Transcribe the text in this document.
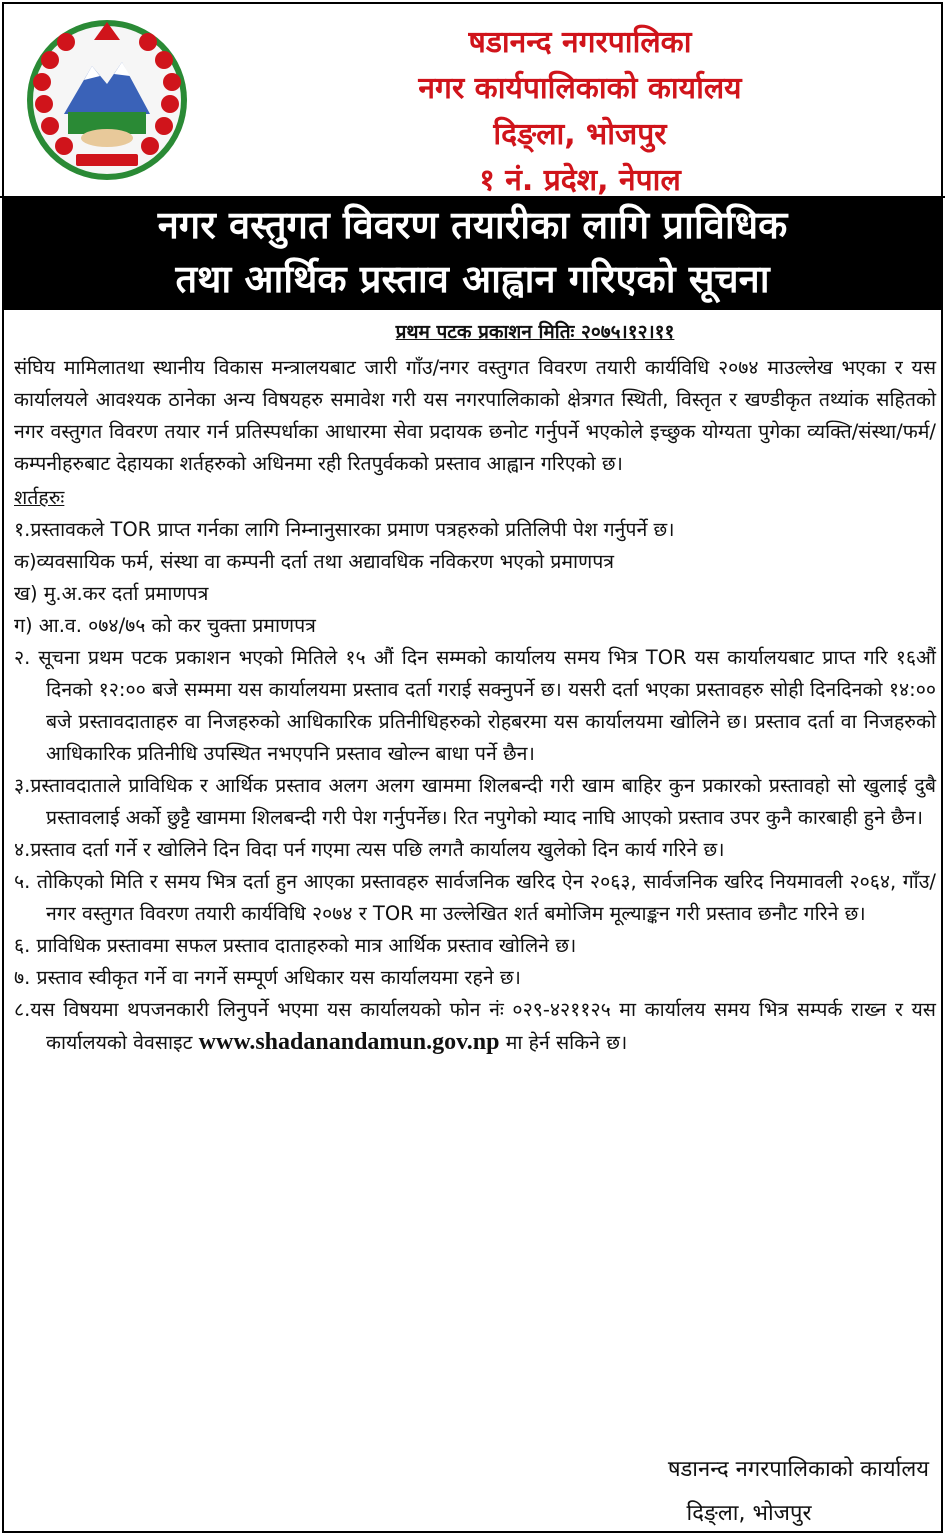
षडानन्द नगरपालिका
नगर कार्यपालिकाको कार्यालय
दिङ्ला, भोजपुर
१ नं. प्रदेश, नेपाल
नगर वस्तुगत विवरण तयारीका लागि प्राविधिक
तथा आर्थिक प्रस्ताव आह्वान गरिएको सूचना
प्रथम पटक प्रकाशन मितिः २०७५।१२।११

संघिय मामिलातथा स्थानीय विकास मन्त्रालयबाट जारी गाँउ/नगर वस्तुगत विवरण तयारी कार्यविधि २०७४ माउल्लेख भएका र यस कार्यालयले आवश्यक ठानेका अन्य विषयहरु समावेश गरी यस नगरपालिकाको क्षेत्रगत स्थिती, विस्तृत र खण्डीकृत तथ्यांक सहितको नगर वस्तुगत विवरण तयार गर्न प्रतिस्पर्धाका आधारमा सेवा प्रदायक छनोट गर्नुपर्ने भएकोले इच्छुक योग्यता पुगेका व्यक्ति/संस्था/फर्म/कम्पनीहरुबाट देहायका शर्तहरुको अधिनमा रही रितपुर्वकको प्रस्ताव आह्वान गरिएको छ।

शर्तहरुः

१.प्रस्तावकले TOR प्राप्त गर्नका लागि निम्नानुसारका प्रमाण पत्रहरुको प्रतिलिपी पेश गर्नुपर्ने छ।

क)व्यवसायिक फर्म, संस्था वा कम्पनी दर्ता तथा अद्यावधिक नविकरण भएको प्रमाणपत्र

ख) मु.अ.कर दर्ता प्रमाणपत्र

ग) आ.व. ०७४/७५ को कर चुक्ता प्रमाणपत्र

२. सूचना प्रथम पटक प्रकाशन भएको मितिले १५ औं दिन सम्मको कार्यालय समय भित्र TOR यस कार्यालयबाट प्राप्त गरि १६औं दिनको १२:०० बजे सम्ममा यस कार्यालयमा प्रस्ताव दर्ता गराई सक्नुपर्ने छ। यसरी दर्ता भएका प्रस्तावहरु सोही दिनदिनको १४:०० बजे प्रस्तावदाताहरु वा निजहरुको आधिकारिक प्रतिनीधिहरुको रोहबरमा यस कार्यालयमा खोलिने छ। प्रस्ताव दर्ता वा निजहरुको आधिकारिक प्रतिनीधि उपस्थित नभएपनि प्रस्ताव खोल्न बाधा पर्ने छैन।

३.प्रस्तावदाताले प्राविधिक र आर्थिक प्रस्ताव अलग अलग खाममा शिलबन्दी गरी खाम बाहिर कुन प्रकारको प्रस्तावहो सो खुलाई दुबै प्रस्तावलाई अर्को छुट्टै खाममा शिलबन्दी गरी पेश गर्नुपर्नेछ। रित नपुगेको म्याद नाघि आएको प्रस्ताव उपर कुनै कारबाही हुने छैन।

४.प्रस्ताव दर्ता गर्ने र खोलिने दिन विदा पर्न गएमा त्यस पछि लगतै कार्यालय खुलेको दिन कार्य गरिने छ।

५. तोकिएको मिति र समय भित्र दर्ता हुन आएका प्रस्तावहरु सार्वजनिक खरिद ऐन २०६३, सार्वजनिक खरिद नियमावली २०६४, गाँउ/नगर वस्तुगत विवरण तयारी कार्यविधि २०७४ र TOR मा उल्लेखित शर्त बमोजिम मूल्याङ्कन गरी प्रस्ताव छनौट गरिने छ।

६. प्राविधिक प्रस्तावमा सफल प्रस्ताव दाताहरुको मात्र आर्थिक प्रस्ताव खोलिने छ।

७. प्रस्ताव स्वीकृत गर्ने वा नगर्ने सम्पूर्ण अधिकार यस कार्यालयमा रहने छ।

८.यस विषयमा थपजनकारी लिनुपर्ने भएमा यस कार्यालयको फोन नंः ०२९-४२११२५ मा कार्यालय समय भित्र सम्पर्क राख्न र यस कार्यालयको वेवसाइट www.shadanandamun.gov.np मा हेर्न सकिने छ।

षडानन्द नगरपालिकाको कार्यालय
दिङ्ला, भोजपुर
